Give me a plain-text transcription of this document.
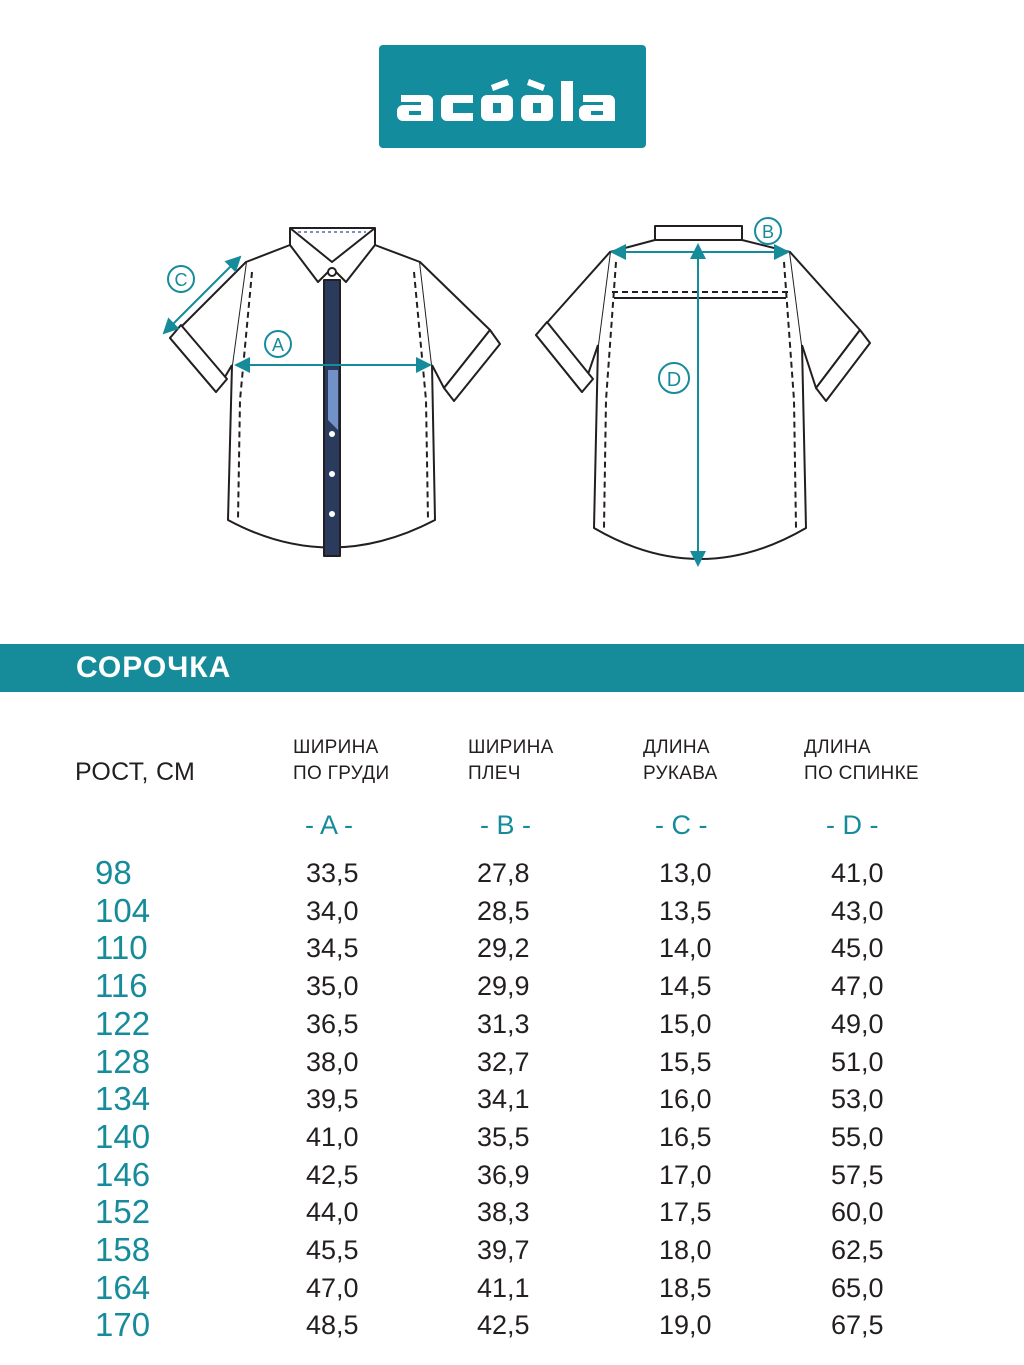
A
C
B
D
СОРОЧКА
РОСТ, СМ
ШИРИНА
ПО ГРУДИ
ШИРИНА
ПЛЕЧ
ДЛИНА
РУКАВА
ДЛИНА
ПО СПИНКЕ
- A -	- B -	- C -	- D -
98	33,5	27,8	13,0	41,0
104	34,0	28,5	13,5	43,0
110	34,5	29,2	14,0	45,0
116	35,0	29,9	14,5	47,0
122	36,5	31,3	15,0	49,0
128	38,0	32,7	15,5	51,0
134	39,5	34,1	16,0	53,0
140	41,0	35,5	16,5	55,0
146	42,5	36,9	17,0	57,5
152	44,0	38,3	17,5	60,0
158	45,5	39,7	18,0	62,5
164	47,0	41,1	18,5	65,0
170	48,5	42,5	19,0	67,5
